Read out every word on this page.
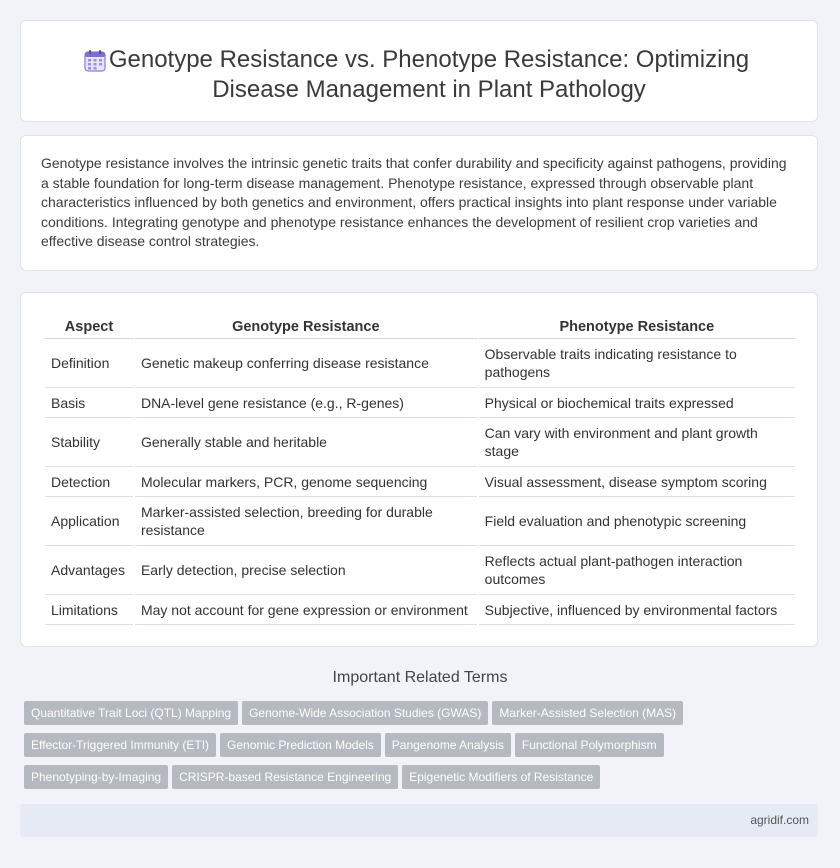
Genotype Resistance vs. Phenotype Resistance: Optimizing Disease Management in Plant Pathology

Genotype resistance involves the intrinsic genetic traits that confer durability and specificity against pathogens, providing a stable foundation for long-term disease management. Phenotype resistance, expressed through observable plant characteristics influenced by both genetics and environment, offers practical insights into plant response under variable conditions. Integrating genotype and phenotype resistance enhances the development of resilient crop varieties and effective disease control strategies.

Aspect	Genotype Resistance	Phenotype Resistance
Definition	Genetic makeup conferring disease resistance	Observable traits indicating resistance to pathogens
Basis	DNA-level gene resistance (e.g., R-genes)	Physical or biochemical traits expressed
Stability	Generally stable and heritable	Can vary with environment and plant growth stage
Detection	Molecular markers, PCR, genome sequencing	Visual assessment, disease symptom scoring
Application	Marker-assisted selection, breeding for durable resistance	Field evaluation and phenotypic screening
Advantages	Early detection, precise selection	Reflects actual plant-pathogen interaction outcomes
Limitations	May not account for gene expression or environment	Subjective, influenced by environmental factors
Important Related Terms
Quantitative Trait Loci (QTL) Mapping Genome-Wide Association Studies (GWAS) Marker-Assisted Selection (MAS)
Effector-Triggered Immunity (ETI) Genomic Prediction Models Pangenome Analysis Functional Polymorphism
Phenotyping-by-Imaging CRISPR-based Resistance Engineering Epigenetic Modifiers of Resistance
agridif.com
